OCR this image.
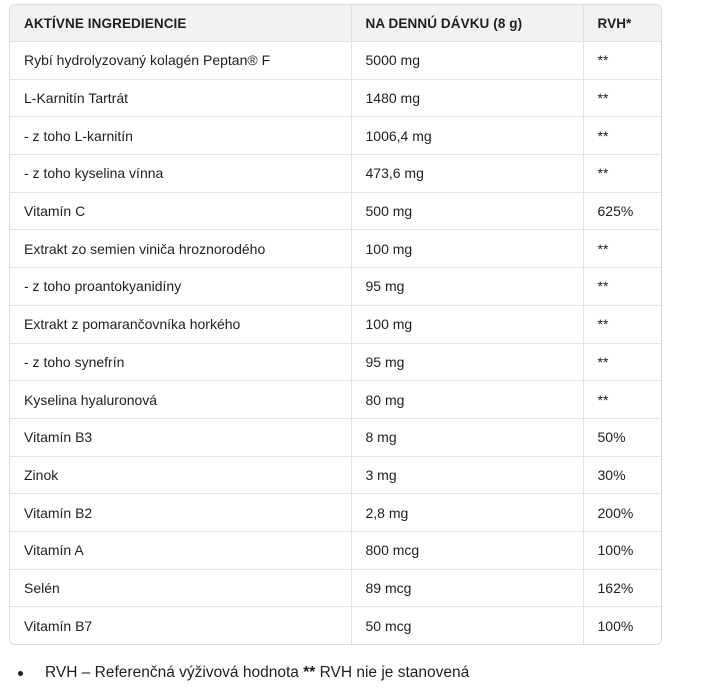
AKTÍVNE INGREDIENCIE	NA DENNÚ DÁVKU (8 g)	RVH*
Rybí hydrolyzovaný kolagén Peptan® F	5000 mg	**
L-Karnitín Tartrát	1480 mg	**
- z toho L-karnitín	1006,4 mg	**
- z toho kyselina vínna	473,6 mg	**
Vitamín C	500 mg	625%
Extrakt zo semien viniča hroznorodého	100 mg	**
- z toho proantokyanidíny	95 mg	**
Extrakt z pomarančovníka horkého	100 mg	**
- z toho synefrín	95 mg	**
Kyselina hyaluronová	80 mg	**
Vitamín B3	8 mg	50%
Zinok	3 mg	30%
Vitamín B2	2,8 mg	200%
Vitamín A	800 mcg	100%
Selén	89 mcg	162%
Vitamín B7	50 mcg	100%
RVH – Referenčná výživová hodnota ** RVH nie je stanovená
